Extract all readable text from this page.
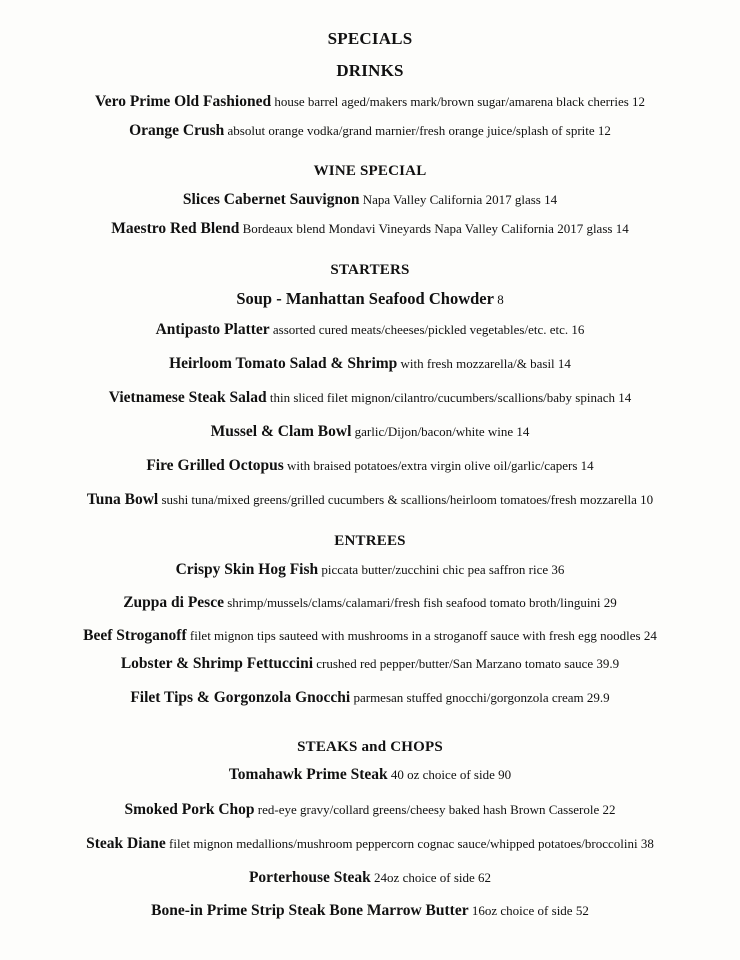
SPECIALS
DRINKS
Vero Prime Old Fashioned house barrel aged/makers mark/brown sugar/amarena black cherries 12
Orange Crush absolut orange vodka/grand marnier/fresh orange juice/splash of sprite 12
WINE SPECIAL
Slices Cabernet Sauvignon Napa Valley California 2017 glass 14
Maestro Red Blend Bordeaux blend Mondavi Vineyards Napa Valley California 2017 glass 14
STARTERS
Soup - Manhattan Seafood Chowder 8
Antipasto Platter assorted cured meats/cheeses/pickled vegetables/etc. etc. 16
Heirloom Tomato Salad & Shrimp with fresh mozzarella/& basil 14
Vietnamese Steak Salad thin sliced filet mignon/cilantro/cucumbers/scallions/baby spinach 14
Mussel & Clam Bowl garlic/Dijon/bacon/white wine 14
Fire Grilled Octopus with braised potatoes/extra virgin olive oil/garlic/capers 14
Tuna Bowl sushi tuna/mixed greens/grilled cucumbers & scallions/heirloom tomatoes/fresh mozzarella 10
ENTREES
Crispy Skin Hog Fish piccata butter/zucchini chic pea saffron rice 36
Zuppa di Pesce shrimp/mussels/clams/calamari/fresh fish seafood tomato broth/linguini 29
Beef Stroganoff filet mignon tips sauteed with mushrooms in a stroganoff sauce with fresh egg noodles 24
Lobster & Shrimp Fettuccini crushed red pepper/butter/San Marzano tomato sauce 39.9
Filet Tips & Gorgonzola Gnocchi parmesan stuffed gnocchi/gorgonzola cream 29.9
STEAKS and CHOPS
Tomahawk Prime Steak 40 oz choice of side 90
Smoked Pork Chop red-eye gravy/collard greens/cheesy baked hash Brown Casserole 22
Steak Diane filet mignon medallions/mushroom peppercorn cognac sauce/whipped potatoes/broccolini 38
Porterhouse Steak 24oz choice of side 62
Bone-in Prime Strip Steak Bone Marrow Butter 16oz choice of side 52
